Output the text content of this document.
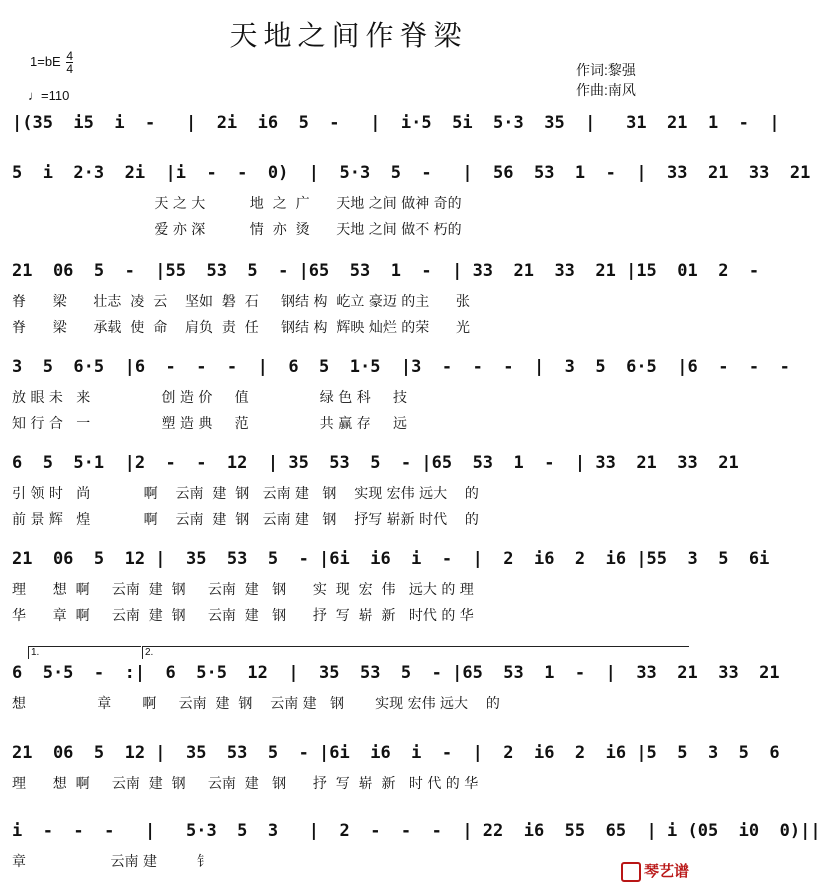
天地之间作脊梁
$1=bE \frac{4}{4}$
♩=110
作词:黎强
作曲:南风
|(35  i5  i  -   |  2i  i6  5  -   |  i·5  5i  5·3  35  |   31  21  1  -  |
5  i  2·3  2i  |i  -  -  0)  |  5·3  5  -   |  56  53  1  -  |  33  21  33  21
天 之 大          地  之  广      天地 之间 做神 奇的
爱 亦 深          情  亦  烫      天地 之间 做不 朽的
21  06  5  -  |55  53  5  - |65  53  1  -  | 33  21  33  21 |15  01  2  -
脊      梁      壮志  凌  云    坚如  磐  石     钢结 构  屹立 豪迈 的主      张
脊      梁      承载  使  命    肩负  责  任     钢结 构  辉映 灿烂 的荣      光
3  5  6·5  |6  -  -  -  |  6  5  1·5  |3  -  -  -  |  3  5  6·5  |6  -  -  -
放 眼 未   来                创 造 价     值                绿 色 科     技
知 行 合   一                塑 造 典     范                共 赢 存     远
6  5  5·1  |2  -  -  12  | 35  53  5  - |65  53  1  -  | 33  21  33  21
引 领 时   尚            啊    云南  建  钢   云南 建   钢    实现 宏伟 远大    的
前 景 辉   煌            啊    云南  建  钢   云南 建   钢    抒写 崭新 时代    的
21  06  5  12 |  35  53  5  - |6i  i6  i  -  |  2  i6  2  i6 |55  3  5  6i
理      想  啊     云南  建  钢     云南  建   钢      实  现  宏  伟   远大 的 理
华      章  啊     云南  建  钢     云南  建   钢      抒  写  崭  新   时代 的 华
1.	2.
6  5·5  -  :|  6  5·5  12  |  35  53  5  - |65  53  1  -  |  33  21  33  21
想                章       啊     云南  建  钢    云南 建   钢       实现 宏伟 远大    的
21  06  5  12 |  35  53  5  - |6i  i6  i  -  |  2  i6  2  i6 |5  5  3  5  6
理      想  啊     云南  建  钢     云南  建   钢      抒  写  崭  新   时 代 的 华
i  -  -  -   |   5·3  5  3   |  2  -  -  -  | 22  i6  55  65  | i (05  i0  0)||
章                   云南 建         钅
琴艺谱
